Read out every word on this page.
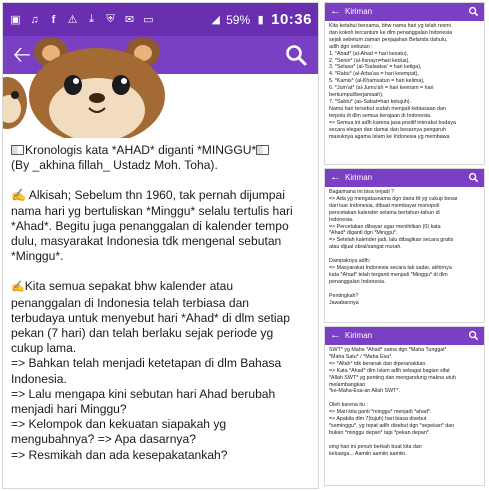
▣ ♫	f	⚠	⤓	⛨ ✉ ▭	◢ 59% ▮ 10:36
🡠

Kronologis kata *AHAD* diganti *MINGGU*

(By _akhina fillah_ Ustadz Moh. Toha).

✍ Alkisah; Sebelum thn 1960, tak pernah dijumpai

nama hari yg bertuliskan *Minggu* selalu tertulis hari

*Ahad*. Begitu juga penanggalan di kalender tempo

dulu, masyarakat Indonesia tdk mengenal sebutan

*Minggu*.

✍Kita semua sepakat bhw kalender atau

penanggalan di Indonesia telah terbiasa dan

terbudaya untuk menyebut hari *Ahad* di dlm setiap

pekan (7 hari) dan telah berlaku sejak periode yg

cukup lama.

=> Bahkan telah menjadi ketetapan di dlm Bahasa

Indonesia.

=> Lalu mengapa kini sebutan hari Ahad berubah

menjadi hari Minggu?

=> Kelompok dan kekuatan siapakah yg

mengubahnya? => Apa dasarnya?

=> Resmikah dan ada kesepakatankah?

← Kiriman
Kita ketahui bersama, bhw nama hari yg telah resmi
dan kokoh tercantum ke dlm penanggalan Indonesia
sejak sebelum zaman penjajahan Belanda dahulu,
adlh dgn sebutan :
1. *Ahad* (al-Ahad = hari kesatu),
2. *Senin* (al-Itsnayn=hari kedua),
3. *Selasa* (al-Tsalaatsa' = hari ketiga),
4. *Rabu* (al-Arba'aa = hari keempat),
5. *Kamis* (al-Khamsatun = hari kelima),
6. *Jum'at* (al-Jumu'ah = hari keenam = hari
berkumpul/berjamaah),
7. *Sabtu* (as-Sabat=hari ketujuh).
Nama hari tersebut sudah menjadi kebiasaan dan
terpola di dlm semua kerajaan di Indonesia.
=> Semua ini adlh karena jasa positif interaksi budaya
secara elegan dan damai dan besarnya pengaruh
masuknya agama Islam ke Indonesia yg membawa
← Kiriman
Bagaimana ini bisa terjadi ?
=> Ada yg mengatasnama dgn dana ttt yg cukup besar
dari luar Indonesia, dibuat membayar monopoli
pencetakan kalender selama bertahun-tahun di
Indonesia.
=> Percetakan dibayar agar menihilkan (0) kata
*Ahad* diganti dgn *Minggu*.
=> Setelah kalender jadi, lalu dibagikan secara gratis
atau dijual obral/sangat murah.

Dampaknya adlh:
=> Masyarakat Indonesia secara tak sadar, akhirnya
kata *Ahad* telah terganti menjadi *Minggu* di dlm
penanggalan Indonesia.

Pentingkah?
Jawabannya
← Kiriman
SWT* yg Maha *Ahad* sama dgn *Maha Tunggal*
*Maha Satu* / *Maha Esa*.
=> *Allah* tdk beranak dan diperanakkan.
=> Kata *Ahad* dlm Islam adlh sebagai bagian sifat
*Allah SWT* yg penting dan mengandung makna utuh
melambangkan
*ke-Maha-Esa-an Allah SWT*.

Oleh karena itu :
=> Mari kita ganti *minggu* menjadi *ahad*.
=> Apabila dlm 7(tujuh) hari biasa disebut
*seminggu*, yg tepat adlh disebut dgn *sepekan* dan
bukan *minggu depan* tapi *pekan depan*.

smg hari ini penuh berkah buat kita dan
keluarga... Aamiin aamiin aamiin.
